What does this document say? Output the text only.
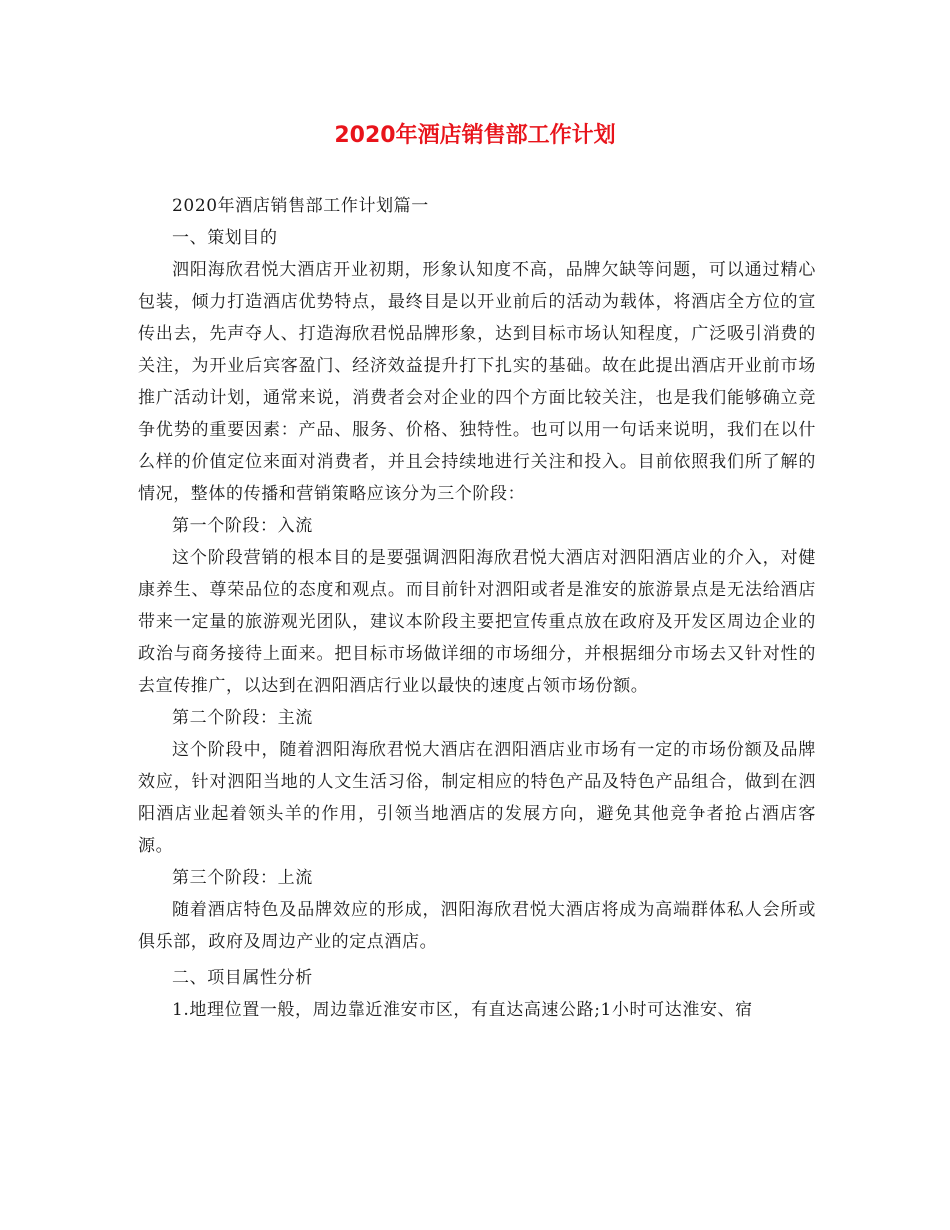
2020年酒店销售部工作计划

2020年酒店销售部工作计划篇一

一、策划目的

泗阳海欣君悦大酒店开业初期，形象认知度不高，品牌欠缺等问题，可以通过精心包装，倾力打造酒店优势特点，最终目是以开业前后的活动为载体，将酒店全方位的宣传出去，先声夺人、打造海欣君悦品牌形象，达到目标市场认知程度，广泛吸引消费的关注，为开业后宾客盈门、经济效益提升打下扎实的基础。故在此提出酒店开业前市场推广活动计划，通常来说，消费者会对企业的四个方面比较关注，也是我们能够确立竞争优势的重要因素：产品、服务、价格、独特性。也可以用一句话来说明，我们在以什么样的价值定位来面对消费者，并且会持续地进行关注和投入。目前依照我们所了解的情况，整体的传播和营销策略应该分为三个阶段：

第一个阶段：入流

这个阶段营销的根本目的是要强调泗阳海欣君悦大酒店对泗阳酒店业的介入，对健康养生、尊荣品位的态度和观点。而目前针对泗阳或者是淮安的旅游景点是无法给酒店带来一定量的旅游观光团队，建议本阶段主要把宣传重点放在政府及开发区周边企业的政治与商务接待上面来。把目标市场做详细的市场细分，并根据细分市场去又针对性的去宣传推广，以达到在泗阳酒店行业以最快的速度占领市场份额。

第二个阶段：主流

这个阶段中，随着泗阳海欣君悦大酒店在泗阳酒店业市场有一定的市场份额及品牌效应，针对泗阳当地的人文生活习俗，制定相应的特色产品及特色产品组合，做到在泗阳酒店业起着领头羊的作用，引领当地酒店的发展方向，避免其他竞争者抢占酒店客源。

第三个阶段：上流

随着酒店特色及品牌效应的形成，泗阳海欣君悦大酒店将成为高端群体私人会所或俱乐部，政府及周边产业的定点酒店。

二、项目属性分析

1.地理位置一般，周边靠近淮安市区，有直达高速公路;1小时可达淮安、宿
